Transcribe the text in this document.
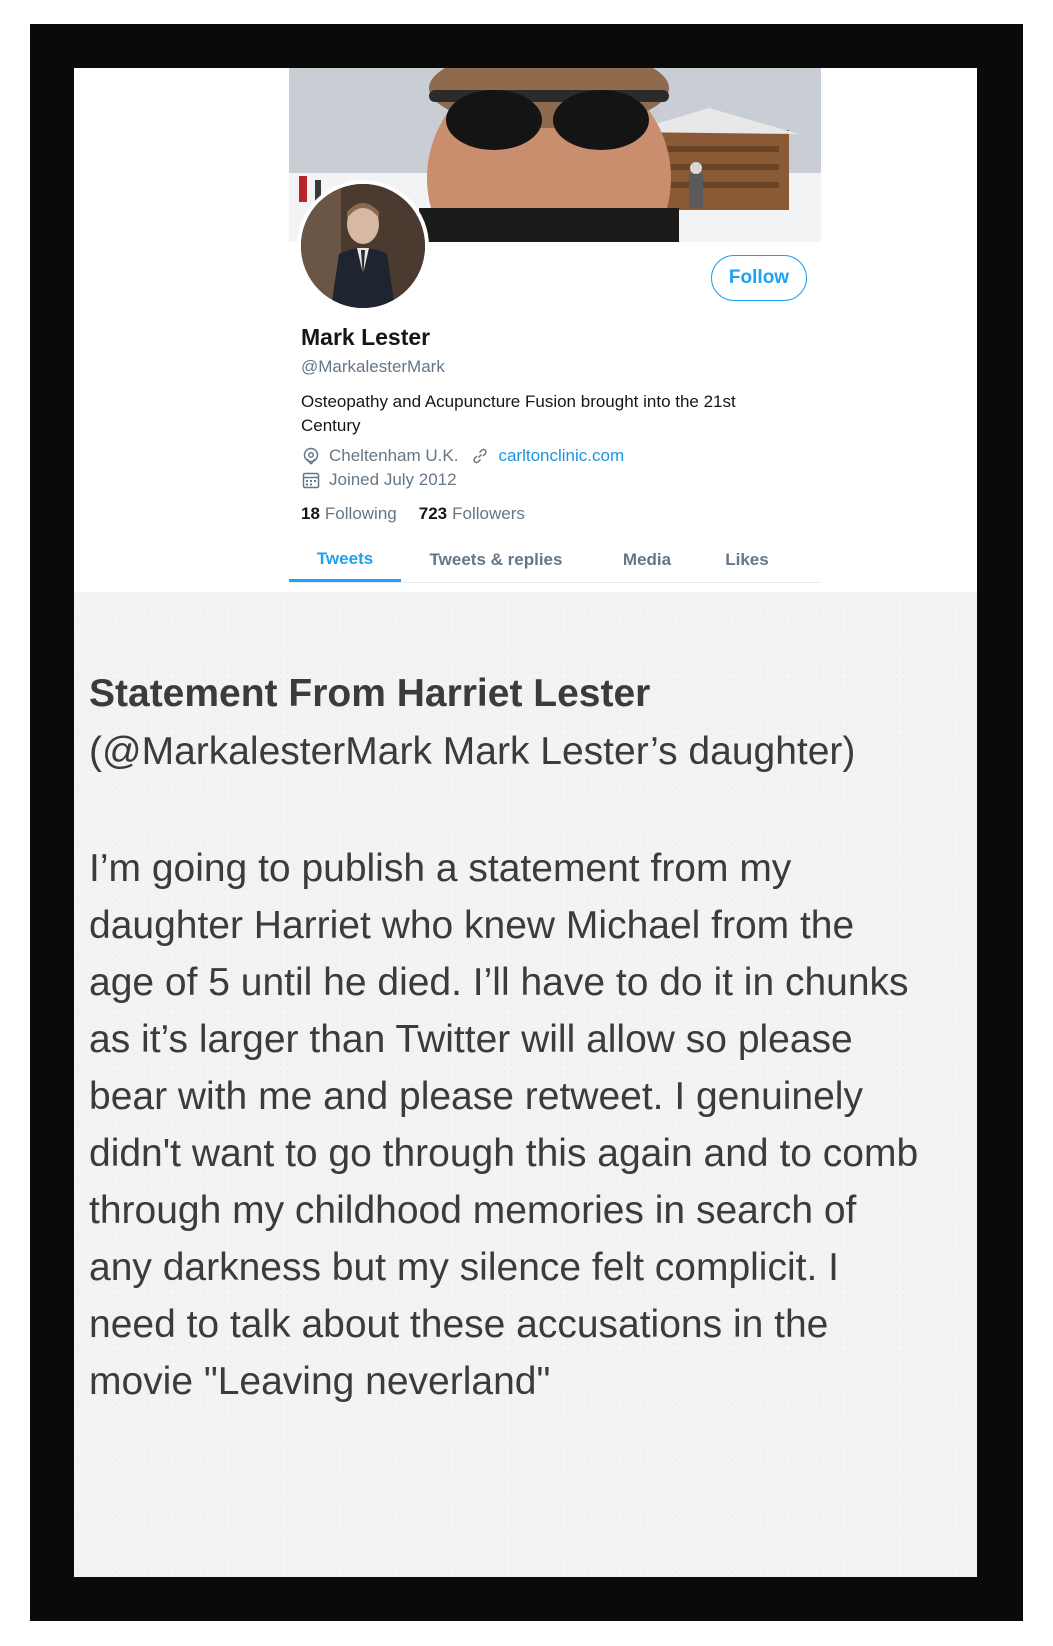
Follow
Mark Lester
@MarkalesterMark
Osteopathy and Acupuncture Fusion brought into the 21st Century
Cheltenham U.K. carltonclinic.com
Joined July 2012
18 Following 723 Followers
Tweets	Tweets & replies	Media	Likes
Statement From Harriet Lester
(@MarkalesterMark Mark Lester’s daughter)
I’m going to publish a statement from my daughter Harriet who knew Michael from the age of 5 until he died. I’ll have to do it in chunks as it’s larger than Twitter will allow so please bear with me and please retweet. I genuinely didn't want to go through this again and to comb through my childhood memories in search of any darkness but my silence felt complicit. I need to talk about these accusations in the movie "Leaving neverland"
